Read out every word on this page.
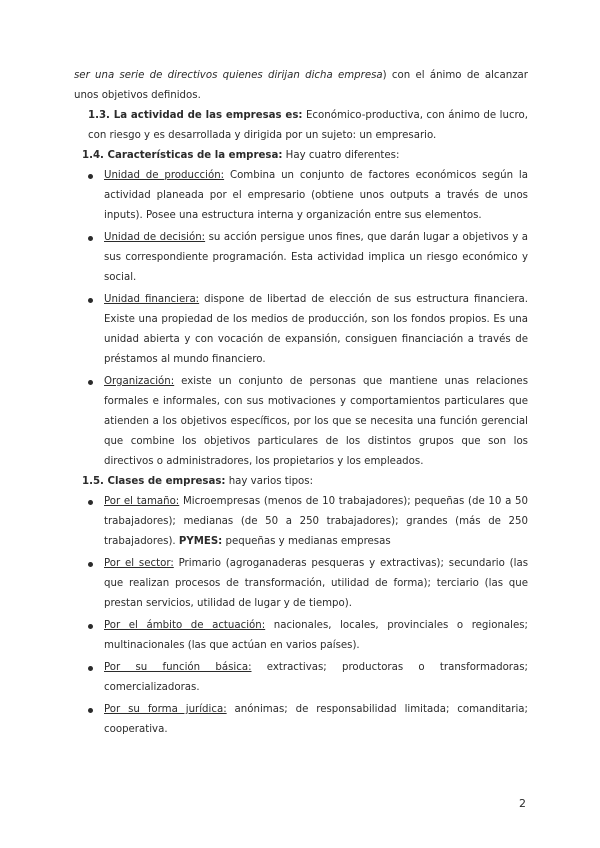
ser una serie de directivos quienes dirijan dicha empresa) con el ánimo de alcanzar unos objetivos definidos.

1.3. La actividad de las empresas es: Económico-productiva, con ánimo de lucro, con riesgo y es desarrollada y dirigida por un sujeto: un empresario.

1.4. Características de la empresa: Hay cuatro diferentes:

Unidad de producción: Combina un conjunto de factores económicos según la actividad planeada por el empresario (obtiene unos outputs a través de unos inputs). Posee una estructura interna y organización entre sus elementos.
Unidad de decisión: su acción persigue unos fines, que darán lugar a objetivos y a sus correspondiente programación. Esta actividad implica un riesgo económico y social.
Unidad financiera: dispone de libertad de elección de sus estructura financiera. Existe una propiedad de los medios de producción, son los fondos propios. Es una unidad abierta y con vocación de expansión, consiguen financiación a través de préstamos al mundo financiero.
Organización: existe un conjunto de personas que mantiene unas relaciones formales e informales, con sus motivaciones y comportamientos particulares que atienden a los objetivos específicos, por los que se necesita una función gerencial que combine los objetivos particulares de los distintos grupos que son los directivos o administradores, los propietarios y los empleados.

1.5. Clases de empresas: hay varios tipos:

Por el tamaño: Microempresas (menos de 10 trabajadores); pequeñas (de 10 a 50 trabajadores); medianas (de 50 a 250 trabajadores); grandes (más de 250 trabajadores). PYMES: pequeñas y medianas empresas
Por el sector: Primario (agroganaderas pesqueras y extractivas); secundario (las que realizan procesos de transformación, utilidad de forma); terciario (las que prestan servicios, utilidad de lugar y de tiempo).
Por el ámbito de actuación: nacionales, locales, provinciales o regionales; multinacionales (las que actúan en varios países).
Por su función básica: extractivas; productoras o transformadoras; comercializadoras.
Por su forma jurídica: anónimas; de responsabilidad limitada; comanditaria; cooperativa.
2
